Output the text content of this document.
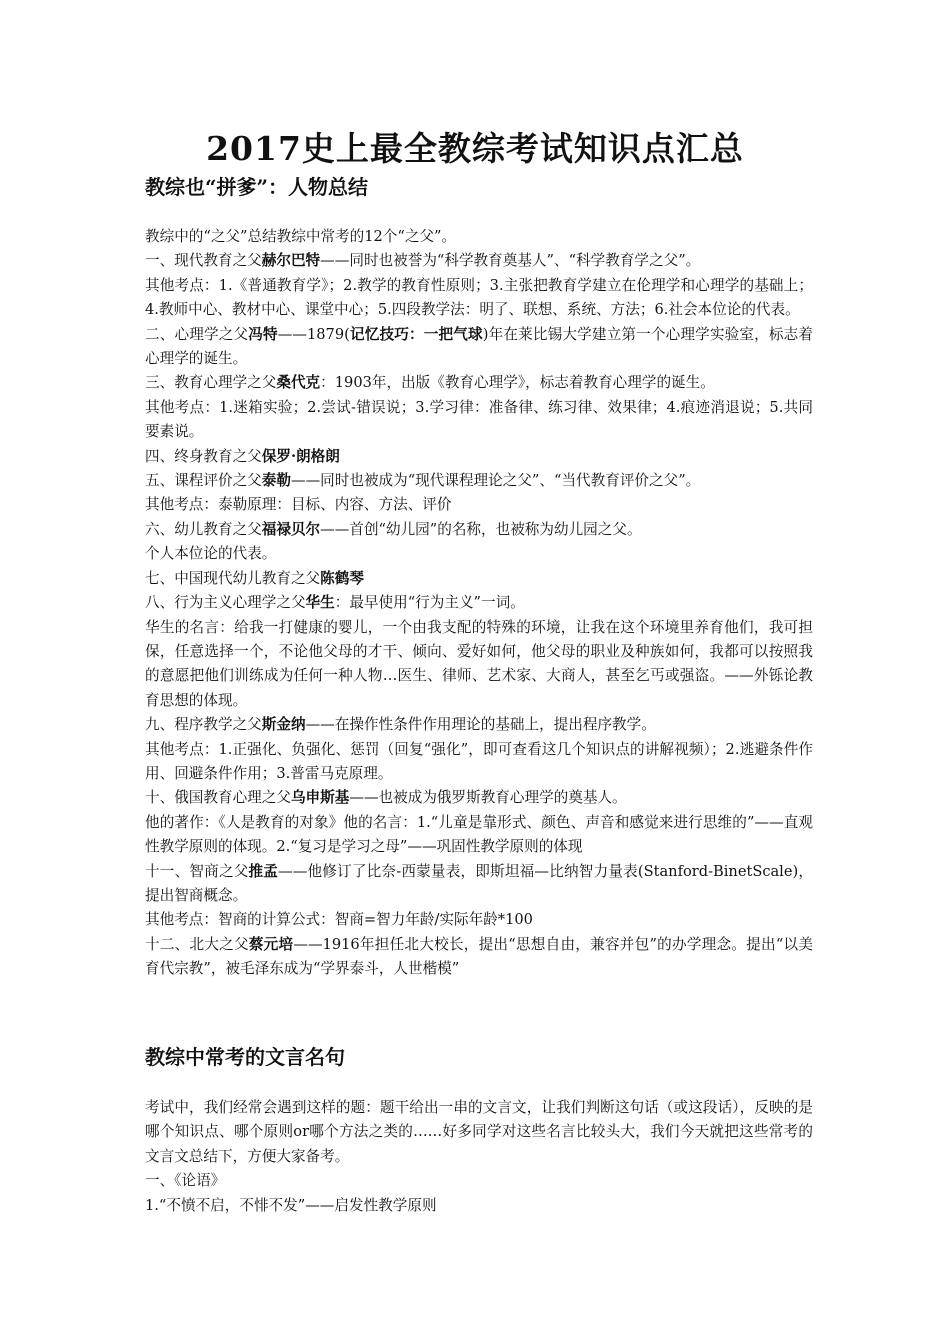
2017史上最全教综考试知识点汇总
教综也“拼爹”：人物总结

教综中的“之父”总结教综中常考的12个“之父”。

一、现代教育之父赫尔巴特——同时也被誉为“科学教育奠基人”、“科学教育学之父”。

其他考点：1.《普通教育学》；2.教学的教育性原则；3.主张把教育学建立在伦理学和心理学的基础上；4.教师中心、教材中心、课堂中心；5.四段教学法：明了、联想、系统、方法；6.社会本位论的代表。

二、心理学之父冯特——1879(记忆技巧：一把气球)年在莱比锡大学建立第一个心理学实验室，标志着心理学的诞生。

三、教育心理学之父桑代克：1903年，出版《教育心理学》，标志着教育心理学的诞生。

其他考点：1.迷箱实验；2.尝试-错误说；3.学习律：准备律、练习律、效果律；4.痕迹消退说；5.共同要素说。

四、终身教育之父保罗·朗格朗

五、课程评价之父泰勒——同时也被成为“现代课程理论之父”、“当代教育评价之父”。

其他考点：泰勒原理：目标、内容、方法、评价

六、幼儿教育之父福禄贝尔——首创“幼儿园”的名称，也被称为幼儿园之父。

个人本位论的代表。

七、中国现代幼儿教育之父陈鹤琴

八、行为主义心理学之父华生：最早使用“行为主义”一词。

华生的名言：给我一打健康的婴儿，一个由我支配的特殊的环境，让我在这个环境里养育他们，我可担保，任意选择一个，不论他父母的才干、倾向、爱好如何，他父母的职业及种族如何，我都可以按照我的意愿把他们训练成为任何一种人物…医生、律师、艺术家、大商人，甚至乞丐或强盗。——外铄论教育思想的体现。

九、程序教学之父斯金纳——在操作性条件作用理论的基础上，提出程序教学。

其他考点：1.正强化、负强化、惩罚（回复“强化”，即可查看这几个知识点的讲解视频）；2.逃避条件作用、回避条件作用；3.普雷马克原理。

十、俄国教育心理之父乌申斯基——也被成为俄罗斯教育心理学的奠基人。

他的著作：《人是教育的对象》他的名言：1.“儿童是靠形式、颜色、声音和感觉来进行思维的”——直观性教学原则的体现。2.“复习是学习之母”——巩固性教学原则的体现

十一、智商之父推孟——他修订了比奈-西蒙量表，即斯坦福—比纳智力量表(Stanford-BinetScale)，提出智商概念。

其他考点：智商的计算公式：智商=智力年龄/实际年龄*100

十二、北大之父蔡元培——1916年担任北大校长，提出“思想自由，兼容并包”的办学理念。提出“以美育代宗教”，被毛泽东成为“学界泰斗，人世楷模”

教综中常考的文言名句

考试中，我们经常会遇到这样的题：题干给出一串的文言文，让我们判断这句话（或这段话），反映的是哪个知识点、哪个原则or哪个方法之类的……好多同学对这些名言比较头大，我们今天就把这些常考的文言文总结下，方便大家备考。

一、《论语》

1.“不愤不启，不悱不发”——启发性教学原则
